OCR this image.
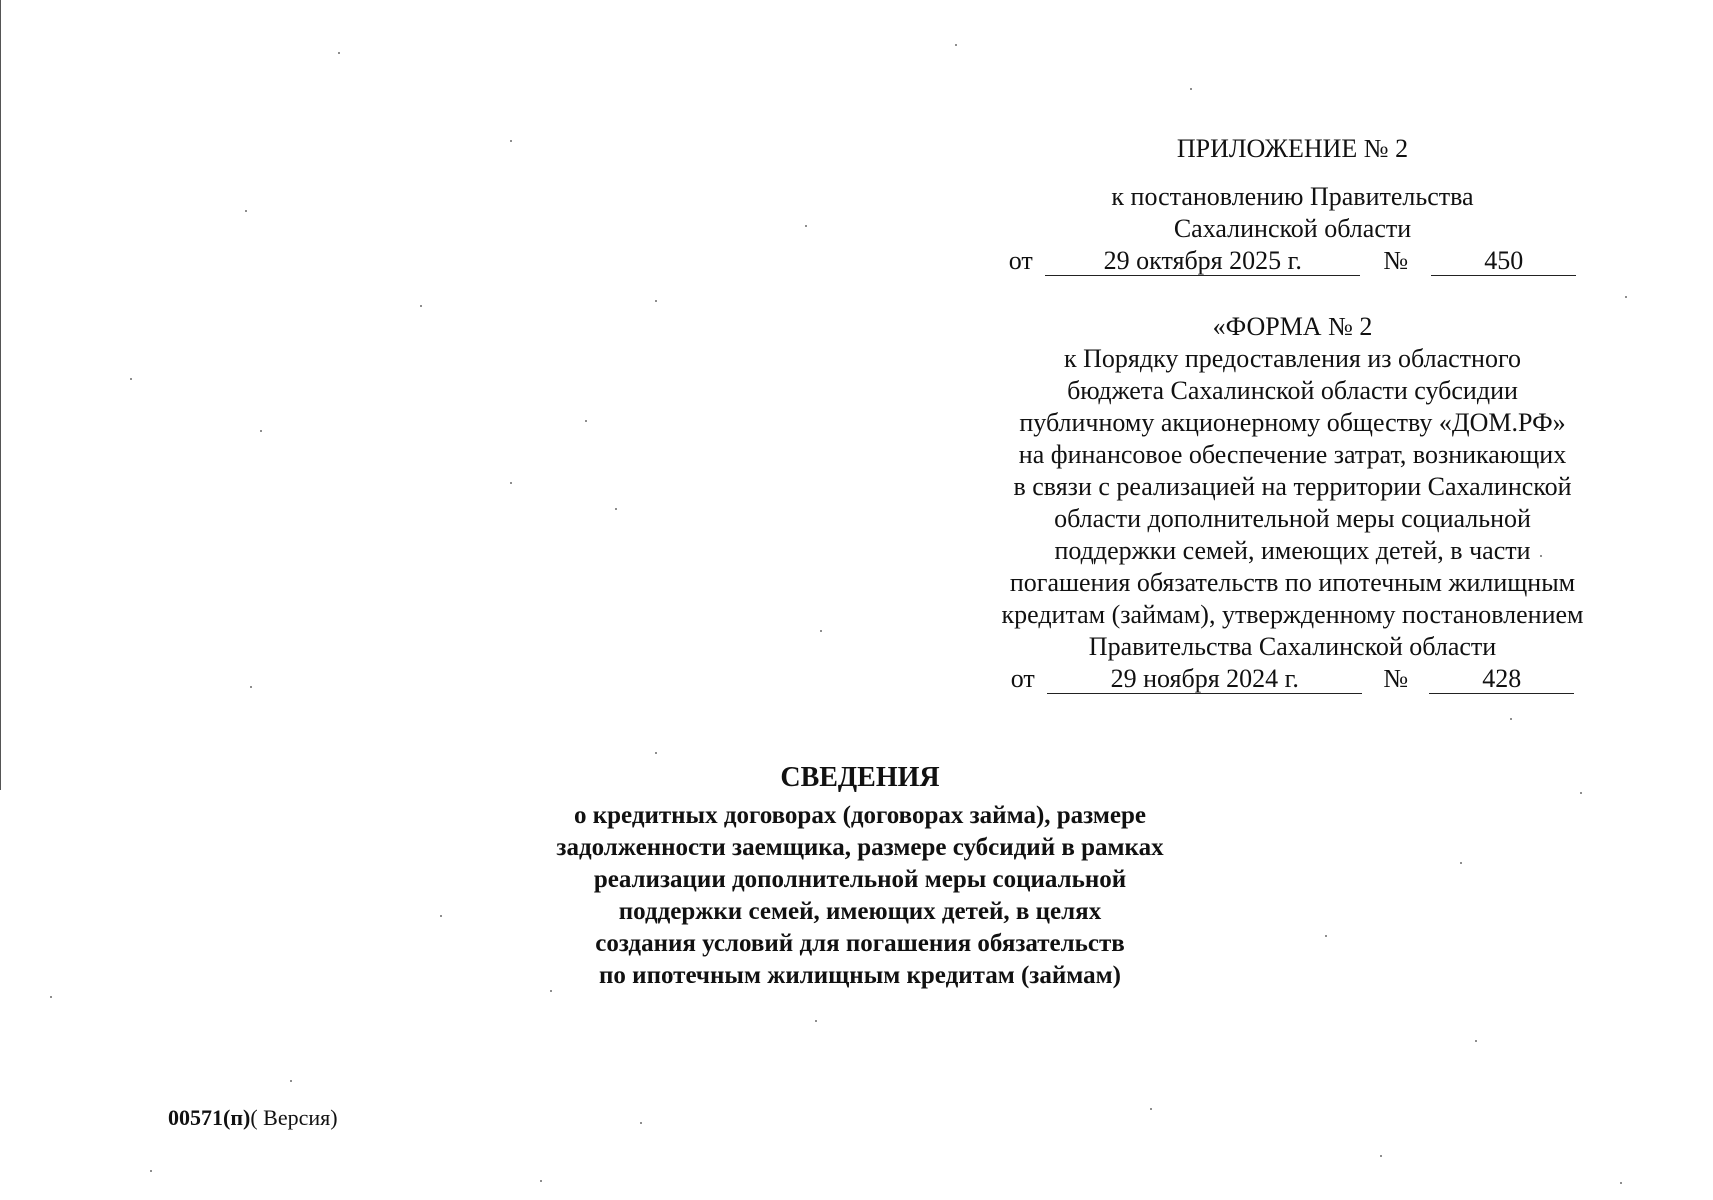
ПРИЛОЖЕНИЕ № 2
к постановлению Правительства
Сахалинской области
от	29 октября 2025 г.	№	450
«ФОРМА № 2
к Порядку предоставления из областного
бюджета Сахалинской области субсидии
публичному акционерному обществу «ДОМ.РФ»
на финансовое обеспечение затрат, возникающих
в связи с реализацией на территории Сахалинской
области дополнительной меры социальной
поддержки семей, имеющих детей, в части
погашения обязательств по ипотечным жилищным
кредитам (займам), утвержденному постановлением
Правительства Сахалинской области
от	29 ноября 2024 г.	№	428
СВЕДЕНИЯ
о кредитных договорах (договорах займа), размере
задолженности заемщика, размере субсидий в рамках
реализации дополнительной меры социальной
поддержки семей, имеющих детей, в целях
создания условий для погашения обязательств
по ипотечным жилищным кредитам (займам)
00571(п)( Версия)
